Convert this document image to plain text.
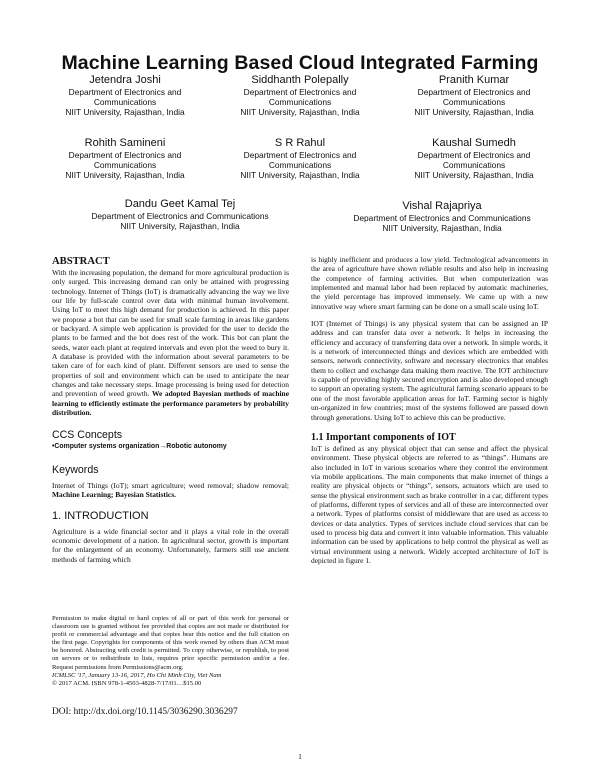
Machine Learning Based Cloud Integrated Farming
Jetendra Joshi
Department of Electronics and
Communications
NIIT University, Rajasthan, India
Siddhanth Polepally
Department of Electronics and
Communications
NIIT University, Rajasthan, India
Pranith Kumar
Department of Electronics and
Communications
NIIT University, Rajasthan, India
Rohith Samineni
Department of Electronics and
Communications
NIIT University, Rajasthan, India
S R Rahul
Department of Electronics and
Communications
NIIT University, Rajasthan, India
Kaushal Sumedh
Department of Electronics and
Communications
NIIT University, Rajasthan, India
Dandu Geet Kamal Tej
Department of Electronics and Communications
NIIT University, Rajasthan, India
Vishal Rajapriya
Department of Electronics and Communications
NIIT University, Rajasthan, India

ABSTRACT

With the increasing population, the demand for more agricultural production is only surged. This increasing demand can only be attained with progressing technology. Internet of Things (IoT) is dramatically advancing the way we live our life by full-scale control over data with minimal human involvement. Using IoT to meet this high demand for production is achieved. In this paper we propose a bot that can be used for small scale farming in areas like gardens or backyard. A simple web application is provided for the user to decide the plants to be farmed and the bot does rest of the work. This bot can plant the seeds, water each plant at required intervals and even plot the weed to bury it. A database is provided with the information about several parameters to be taken care of for each kind of plant. Different sensors are used to sense the properties of soil and environment which can be used to anticipate the near changes and take necessary steps. Image processing is being used for detection and prevention of weed growth. We adopted Bayesian methods of machine learning to efficiently estimate the performance parameters by probability distribution.

CCS Concepts

•Computer systems organization→Robotic autonomy

Keywords

Internet of Things (IoT); smart agriculture; weed removal; shadow removal; Machine Learning; Bayesian Statistics.

1. INTRODUCTION

Agriculture is a wide financial sector and it plays a vital role in the overall economic development of a nation. In agricultural sector, growth is important for the enlargement of an economy. Unfortunately, farmers still use ancient methods of farming which

Permission to make digital or hard copies of all or part of this work for personal or classroom use is granted without fee provided that copies are not made or distributed for profit or commercial advantage and that copies bear this notice and the full citation on the first page. Copyrights for components of this work owned by others than ACM must be honored. Abstracting with credit is permitted. To copy otherwise, or republish, to post on servers or to redistribute to lists, requires prior specific permission and/or a fee. Request permissions from Permissions@acm.org.
ICMLSC '17, January 13-16, 2017, Ho Chi Minh City, Viet Nam
© 2017 ACM. ISBN 978-1-4503-4828-7/17/01…$15.00
DOI: http://dx.doi.org/10.1145/3036290.3036297

is highly inefficient and produces a low yield. Technological advancements in the area of agriculture have shown reliable results and also help in increasing the competence of farming activities. But when computerization was implemented and manual labor had been replaced by automatic machineries, the yield percentage has improved immensely. We came up with a new innovative way where smart farming can be done on a small scale using IoT.

IOT (Internet of Things) is any physical system that can be assigned an IP address and can transfer data over a network. It helps in increasing the efficiency and accuracy of transferring data over a network. In simple words, it is a network of interconnected things and devices which are embedded with sensors, network connectivity, software and necessary electronics that enables them to collect and exchange data making them reactive. The IOT architecture is capable of providing highly secured encryption and is also developed enough to support an operating system. The agricultural farming scenario appears to be one of the most favorable application areas for IoT. Farming sector is highly un-organized in few countries; most of the systems followed are passed down through generations. Using IoT to achieve this can be productive.

1.1 Important components of IOT

IoT is defined as any physical object that can sense and affect the physical environment. These physical objects are referred to as “things”. Humans are also included in IoT in various scenarios where they control the environment via mobile applications. The main components that make internet of things a reality are physical objects or “things”, sensors, actuators which are used to sense the physical environment such as brake controller in a car, different types of platforms, different types of services and all of these are interconnected over a network. Types of platforms consist of middleware that are used as access to devices or data analytics. Types of services include cloud services that can be used to process big data and convert it into valuable information. This valuable information can be used by applications to help control the physical as well as virtual environment using a network. Widely accepted architecture of IoT is depicted in figure 1.

1
